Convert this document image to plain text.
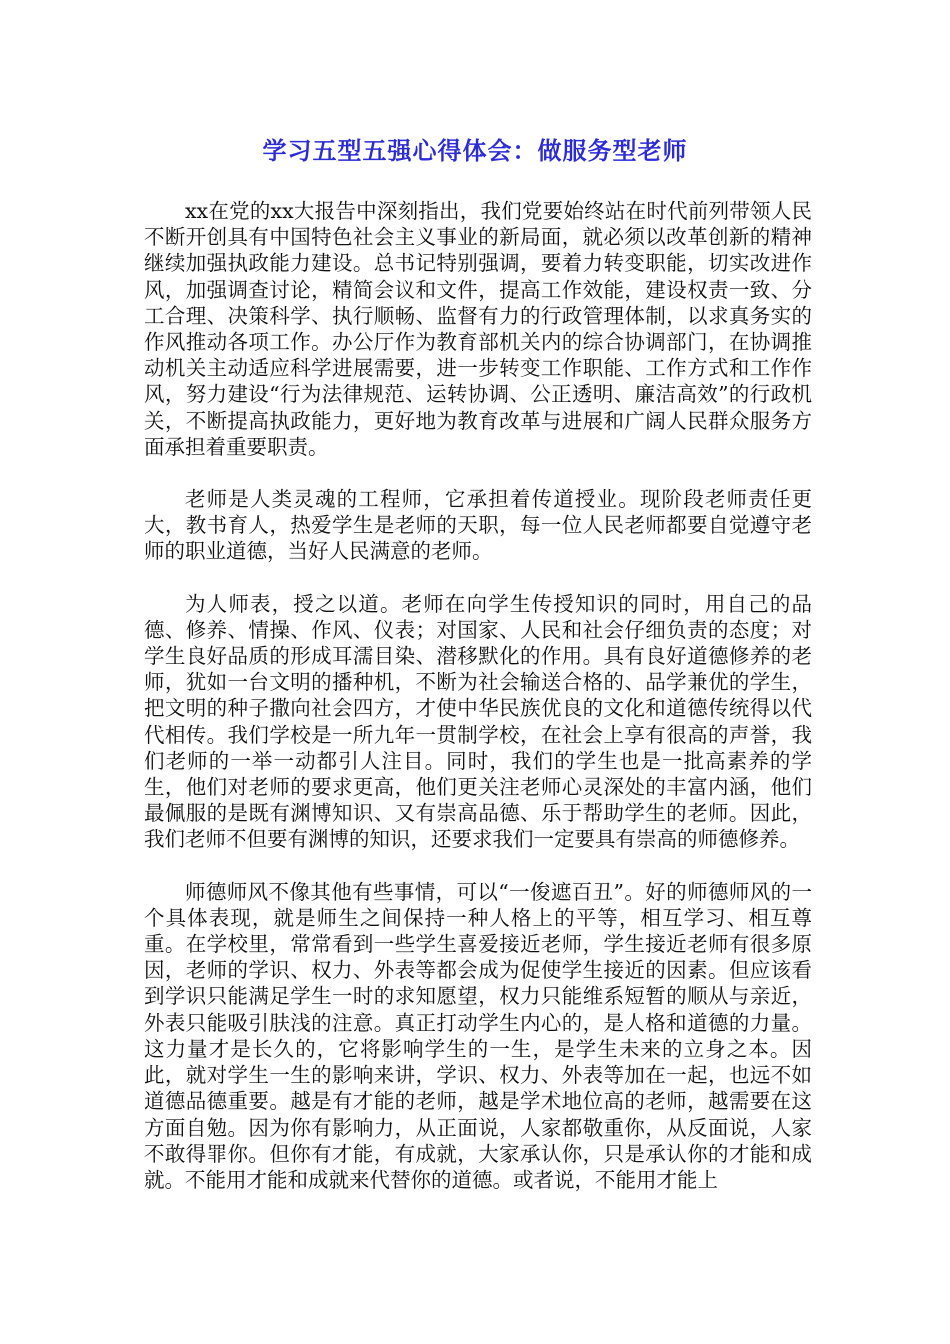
学习五型五强心得体会：做服务型老师

xx在党的xx大报告中深刻指出，我们党要始终站在时代前列带领人民不断开创具有中国特色社会主义事业的新局面，就必须以改革创新的精神继续加强执政能力建设。总书记特别强调，要着力转变职能，切实改进作风，加强调查讨论，精简会议和文件，提高工作效能，建设权责一致、分工合理、决策科学、执行顺畅、监督有力的行政管理体制，以求真务实的作风推动各项工作。办公厅作为教育部机关内的综合协调部门，在协调推动机关主动适应科学进展需要，进一步转变工作职能、工作方式和工作作风，努力建设“行为法律规范、运转协调、公正透明、廉洁高效”的行政机关，不断提高执政能力，更好地为教育改革与进展和广阔人民群众服务方面承担着重要职责。

老师是人类灵魂的工程师，它承担着传道授业。现阶段老师责任更大，教书育人，热爱学生是老师的天职，每一位人民老师都要自觉遵守老师的职业道德，当好人民满意的老师。

为人师表，授之以道。老师在向学生传授知识的同时，用自己的品德、修养、情操、作风、仪表；对国家、人民和社会仔细负责的态度；对学生良好品质的形成耳濡目染、潜移默化的作用。具有良好道德修养的老师，犹如一台文明的播种机，不断为社会输送合格的、品学兼优的学生，把文明的种子撒向社会四方，才使中华民族优良的文化和道德传统得以代代相传。我们学校是一所九年一贯制学校，在社会上享有很高的声誉，我们老师的一举一动都引人注目。同时，我们的学生也是一批高素养的学生，他们对老师的要求更高，他们更关注老师心灵深处的丰富内涵，他们最佩服的是既有渊博知识、又有崇高品德、乐于帮助学生的老师。因此，我们老师不但要有渊博的知识，还要求我们一定要具有崇高的师德修养。

师德师风不像其他有些事情，可以“一俊遮百丑”。好的师德师风的一个具体表现，就是师生之间保持一种人格上的平等，相互学习、相互尊重。在学校里，常常看到一些学生喜爱接近老师，学生接近老师有很多原因，老师的学识、权力、外表等都会成为促使学生接近的因素。但应该看到学识只能满足学生一时的求知愿望，权力只能维系短暂的顺从与亲近，外表只能吸引肤浅的注意。真正打动学生内心的，是人格和道德的力量。这力量才是长久的，它将影响学生的一生，是学生未来的立身之本。因此，就对学生一生的影响来讲，学识、权力、外表等加在一起，也远不如道德品德重要。越是有才能的老师，越是学术地位高的老师，越需要在这方面自勉。因为你有影响力，从正面说，人家都敬重你，从反面说，人家不敢得罪你。但你有才能，有成就，大家承认你，只是承认你的才能和成就。不能用才能和成就来代替你的道德。或者说，不能用才能上
